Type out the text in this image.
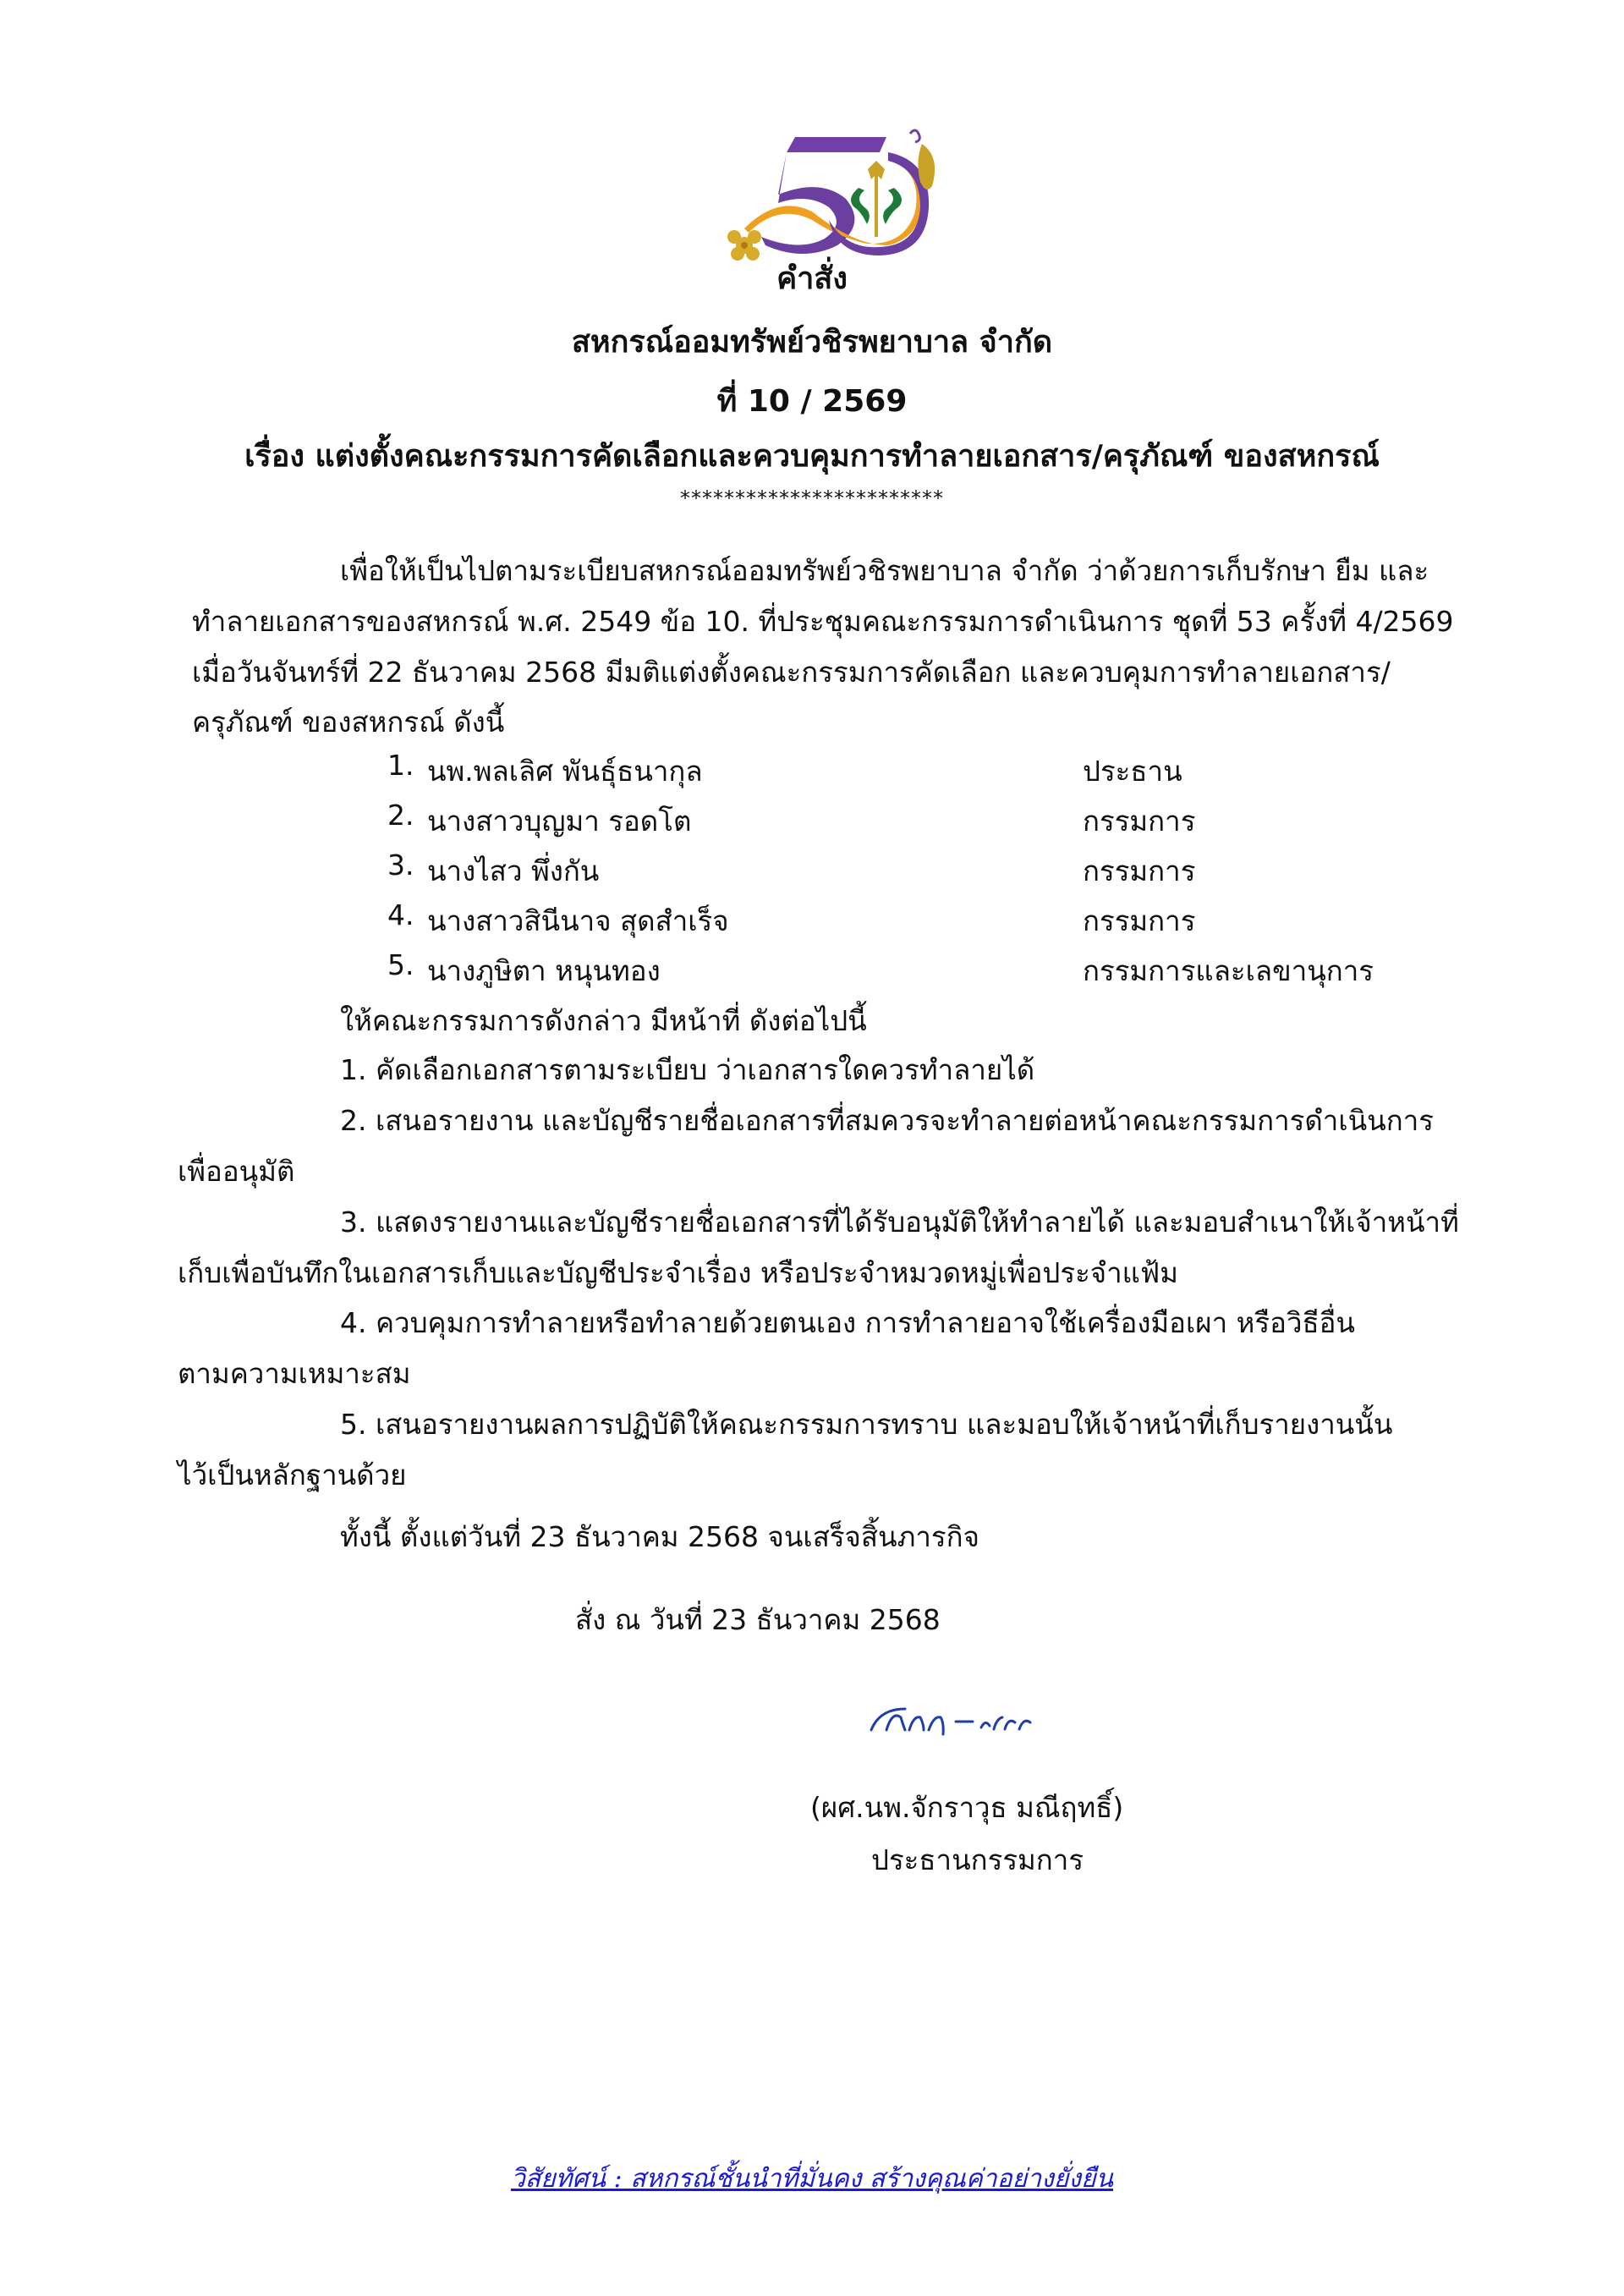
คำสั่ง
สหกรณ์ออมทรัพย์วชิรพยาบาล จำกัด
ที่ 10 / 2569
เรื่อง แต่งตั้งคณะกรรมการคัดเลือกและควบคุมการทำลายเอกสาร/ครุภัณฑ์ ของสหกรณ์
************************
เพื่อให้เป็นไปตามระเบียบสหกรณ์ออมทรัพย์วชิรพยาบาล จำกัด ว่าด้วยการเก็บรักษา ยืม และ
ทำลายเอกสารของสหกรณ์ พ.ศ. 2549 ข้อ 10. ที่ประชุมคณะกรรมการดำเนินการ ชุดที่ 53 ครั้งที่ 4/2569
เมื่อวันจันทร์ที่ 22 ธันวาคม 2568 มีมติแต่งตั้งคณะกรรมการคัดเลือก และควบคุมการทำลายเอกสาร/
ครุภัณฑ์ ของสหกรณ์ ดังนี้
1. นพ.พลเลิศ พันธุ์ธนากุล	ประธาน
2. นางสาวบุญมา รอดโต	กรรมการ
3. นางไสว พึ่งกัน	กรรมการ
4. นางสาวสินีนาจ สุดสำเร็จ	กรรมการ
5. นางภูษิตา หนุนทอง	กรรมการและเลขานุการ
ให้คณะกรรมการดังกล่าว มีหน้าที่ ดังต่อไปนี้
1. คัดเลือกเอกสารตามระเบียบ ว่าเอกสารใดควรทำลายได้
2. เสนอรายงาน และบัญชีรายชื่อเอกสารที่สมควรจะทำลายต่อหน้าคณะกรรมการดำเนินการ
เพื่ออนุมัติ
3. แสดงรายงานและบัญชีรายชื่อเอกสารที่ได้รับอนุมัติให้ทำลายได้ และมอบสำเนาให้เจ้าหน้าที่
เก็บเพื่อบันทึกในเอกสารเก็บและบัญชีประจำเรื่อง หรือประจำหมวดหมู่เพื่อประจำแฟ้ม
4. ควบคุมการทำลายหรือทำลายด้วยตนเอง การทำลายอาจใช้เครื่องมือเผา หรือวิธีอื่น
ตามความเหมาะสม
5. เสนอรายงานผลการปฏิบัติให้คณะกรรมการทราบ และมอบให้เจ้าหน้าที่เก็บรายงานนั้น
ไว้เป็นหลักฐานด้วย
ทั้งนี้ ตั้งแต่วันที่ 23 ธันวาคม 2568 จนเสร็จสิ้นภารกิจ
สั่ง ณ วันที่ 23 ธันวาคม 2568
(ผศ.นพ.จักราวุธ มณีฤทธิ์)
ประธานกรรมการ
วิสัยทัศน์ : สหกรณ์ชั้นนำที่มั่นคง สร้างคุณค่าอย่างยั่งยืน
